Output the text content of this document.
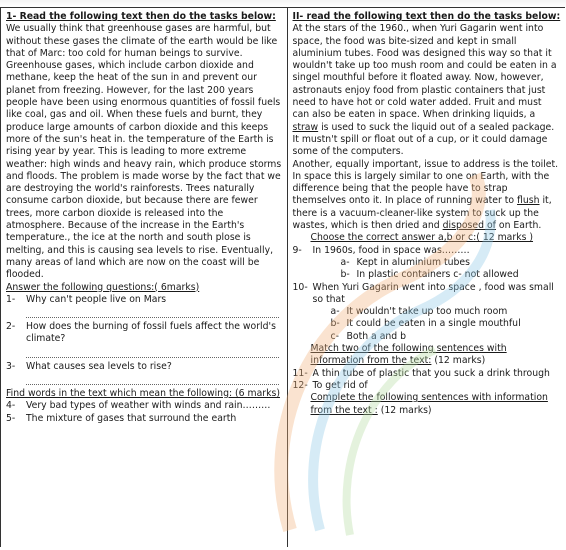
1- Read the following text then do the tasks below:

We usually think that greenhouse gases are harmful, but without these gases the climate of the earth would be like that of Marc: too cold for human beings to survive.

Greenhouse gases, which include carbon dioxide and methane, keep the heat of the sun in and prevent our planet from freezing. However, for the last 200 years people have been using enormous quantities of fossil fuels like coal, gas and oil. When these fuels and burnt, they produce large amounts of carbon dioxide and this keeps more of the sun's heat in. the temperature of the Earth is rising year by year. This is leading to more extreme weather: high winds and heavy rain, which produce storms and floods. The problem is made worse by the fact that we are destroying the world's rainforests. Trees naturally consume carbon dioxide, but because there are fewer trees, more carbon dioxide is released into the atmosphere. Because of the increase in the Earth's temperature., the ice at the north and south plose is melting, and this is causing sea levels to rise. Eventually, many areas of land which are now on the coast will be flooded.

Answer the following questions:( 6marks)

1-	Why can't people live on Mars
2-	How does the burning of fossil fuels affect the world's climate?
3-	What causes sea levels to rise?

Find words in the text which mean the following: (6 marks)

4-	Very bad types of weather with winds and rain………
5-	The mixture of gases that surround the earth

II- read the following text then do the tasks below:

At the stars of the 1960., when Yuri Gagarin went into space, the food was bite-sized and kept in small aluminium tubes. Food was designed this way so that it wouldn't take up too mush room and could be eaten in a singel mouthful before it floated away. Now, however, astronauts enjoy food from plastic containers that just need to have hot or cold water added. Fruit and must can also be eaten in space. When drinking liquids, a straw is used to suck the liquid out of a sealed package. It mustn't spill or float out of a cup, or it could damage some of the computers.

Another, equally important, issue to address is the toilet. In space this is largely similar to one on Earth, with the difference being that the people have to strap themselves onto it. In place of running water to flush it, there is a vacuum-cleaner-like system to suck up the wastes, which is then dried and disposed of on Earth.

Choose the correct answer a,b or c:( 12 marks )

9-	In 1960s, food in space was………
a- Kept in aluminium tubes
b- In plastic containers c- not allowed
10- When Yuri Gagarin went into space , food was small so that
a- It wouldn't take up too much room
b- It could be eaten in a single mouthful
c- Both a and b

Match two of the following sentences with information from the text: (12 marks)

11- A thin tube of plastic that you suck a drink through
12- To get rid of

Complete the following sentences with information from the text : (12 marks)
